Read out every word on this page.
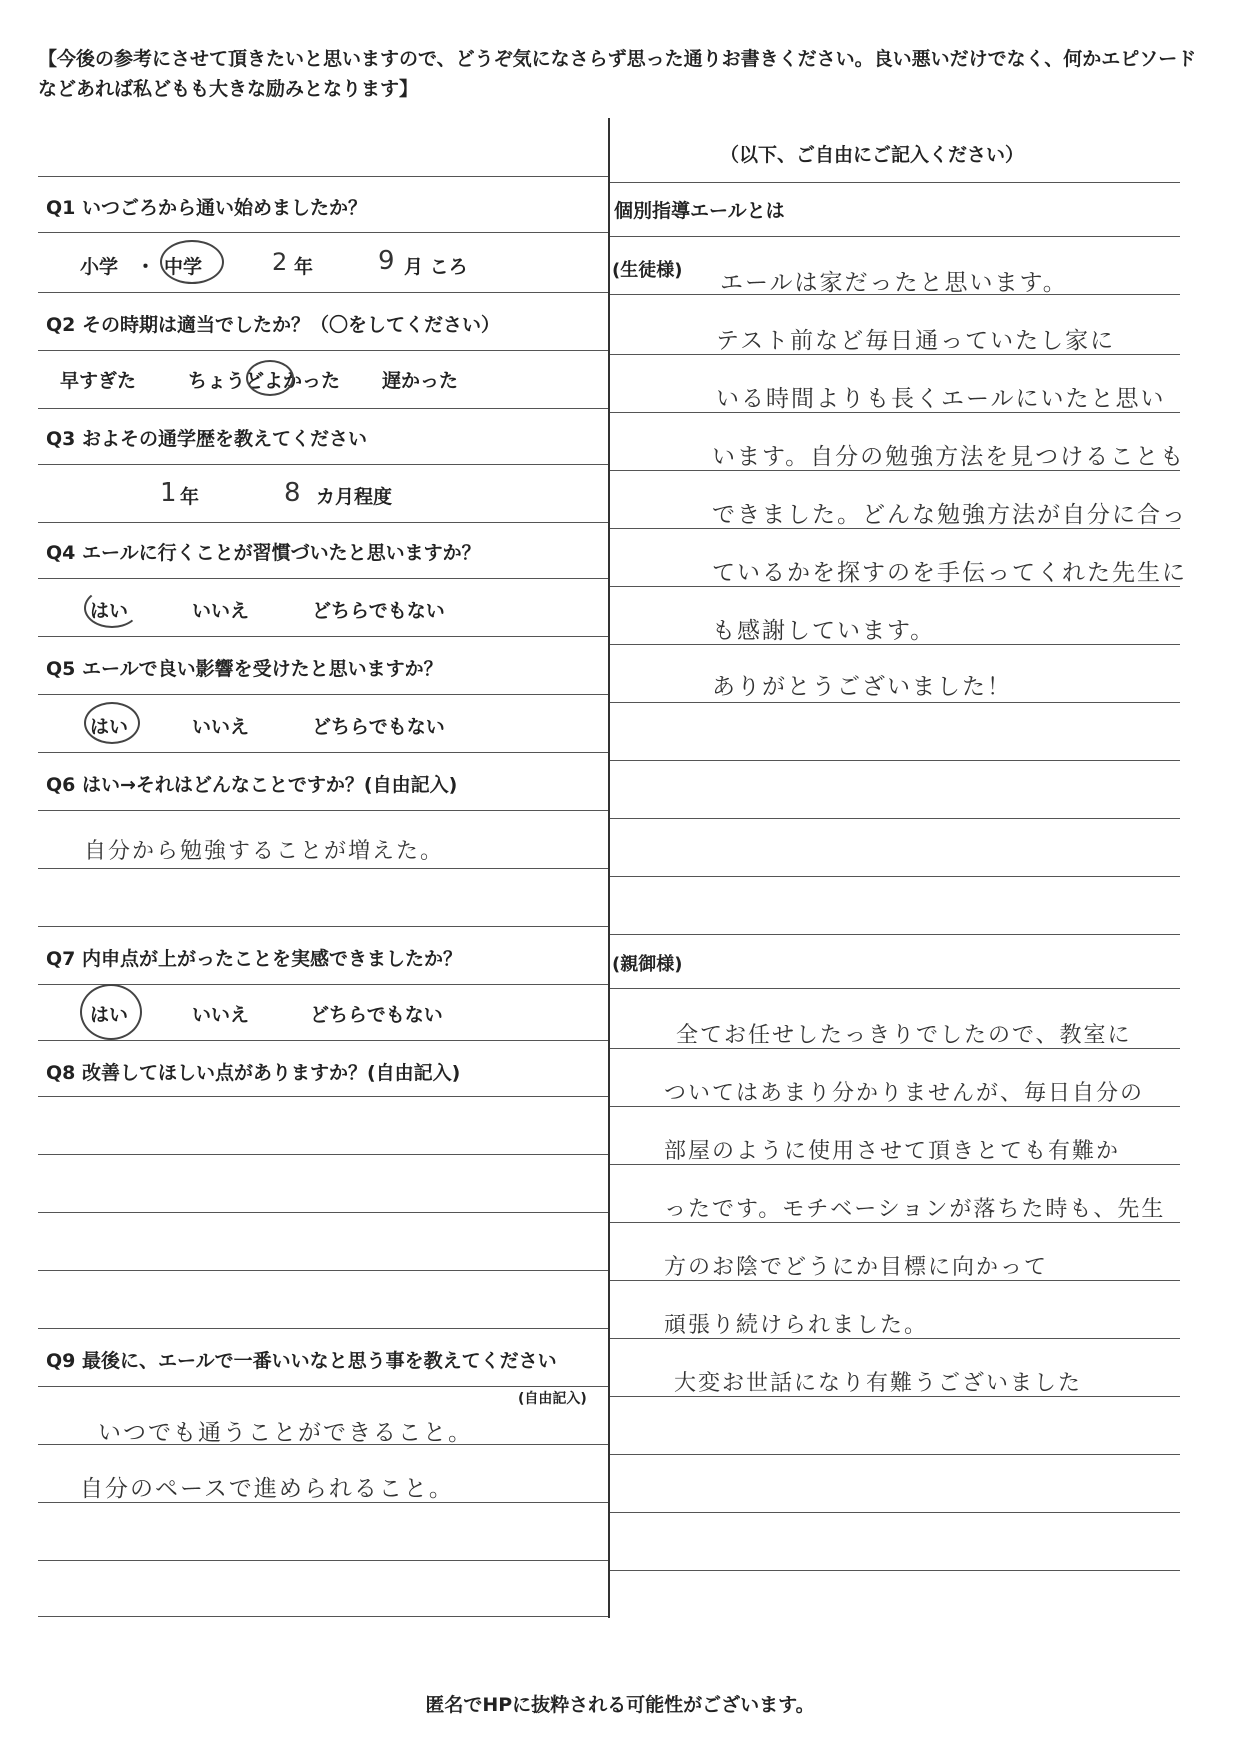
【今後の参考にさせて頂きたいと思いますので、どうぞ気になさらず思った通りお書きください。良い悪いだけでなく、何かエピソードなどあれば私どもも大きな励みとなります】
Q1 いつごろから通い始めましたか？
小学 ・ 中学	2 年 9 月 ころ
Q2 その時期は適当でしたか？（〇をしてください）
早すぎた	ちょうどよかった 遅かった
Q3 およその通学歴を教えてください
1 年	8 カ月程度
Q4 エールに行くことが習慣づいたと思いますか？
はい	いいえ	どちらでもない
Q5 エールで良い影響を受けたと思いますか？
はい	いいえ	どちらでもない
Q6 はい→それはどんなことですか？(自由記入)
自分から勉強することが増えた。
Q7 内申点が上がったことを実感できましたか？
はい	いいえ	どちらでもない
Q8 改善してほしい点がありますか？(自由記入)
Q9 最後に、エールで一番いいなと思う事を教えてください
(自由記入)
いつでも通うことができること。
自分のペースで進められること。
（以下、ご自由にご記入ください）
個別指導エールとは
(生徒様) エールは家だったと思います。
テスト前など毎日通っていたし家に
いる時間よりも長くエールにいたと思い
います。自分の勉強方法を見つけることも
できました。どんな勉強方法が自分に合っ
ているかを探すのを手伝ってくれた先生に
も感謝しています。
ありがとうございました！
(親御様)
全てお任せしたっきりでしたので、教室に
ついてはあまり分かりませんが、毎日自分の
部屋のように使用させて頂きとても有難か
ったです。モチベーションが落ちた時も、先生
方のお陰でどうにか目標に向かって
頑張り続けられました。
大変お世話になり有難うございました
匿名でHPに抜粋される可能性がございます。
